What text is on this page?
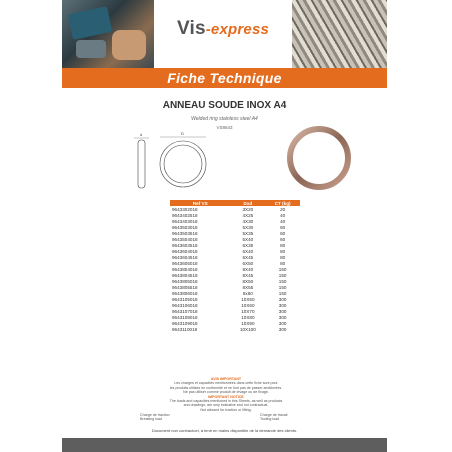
Vis-express
Fiche Technique
ANNEAU SOUDE INOX A4
Welded ring stainless steel A4
VS8643
d	D
Ref VS	Dxd	CT (kg)
9643302018	3X20	20
9643402518	4X25	40
9643403018	4X30	40
9643503018	5X30	60
9643503518	5X35	60
9643504018	5X40	60
9643603518	6X35	80
9643604018	6X40	80
9643604518	6X45	80
9643605018	6X50	80
9643804018	8X40	150
9643804518	8X45	150
9643805018	8X50	150
9643805518	8X55	150
9643806018	8x60	150
9643105018	10X50	300
9643106018	10X60	300
9643107018	10X70	300
9643108018	10X80	300
9643109018	10X90	300
9643110018	10X100	300
AVIS IMPORTANT
Les charges et capacités mentionnées dans cette fiche sont pour
les produits utilisés en conformité et ne font pas de passer améliorées.
Ne pas utiliser comme produit de levage ou de fixage.
IMPORTANT NOTICE
The loads and capacities mentioned in this Sheets, as well as products
and drawings, are only indicative and not contractual.
Not allowed for traction or lifting.
Charge de traction
Breaking load
Charge de travail
Tooling load
Document non contractuel, à tenir en mains disponible de la demande des clients.
